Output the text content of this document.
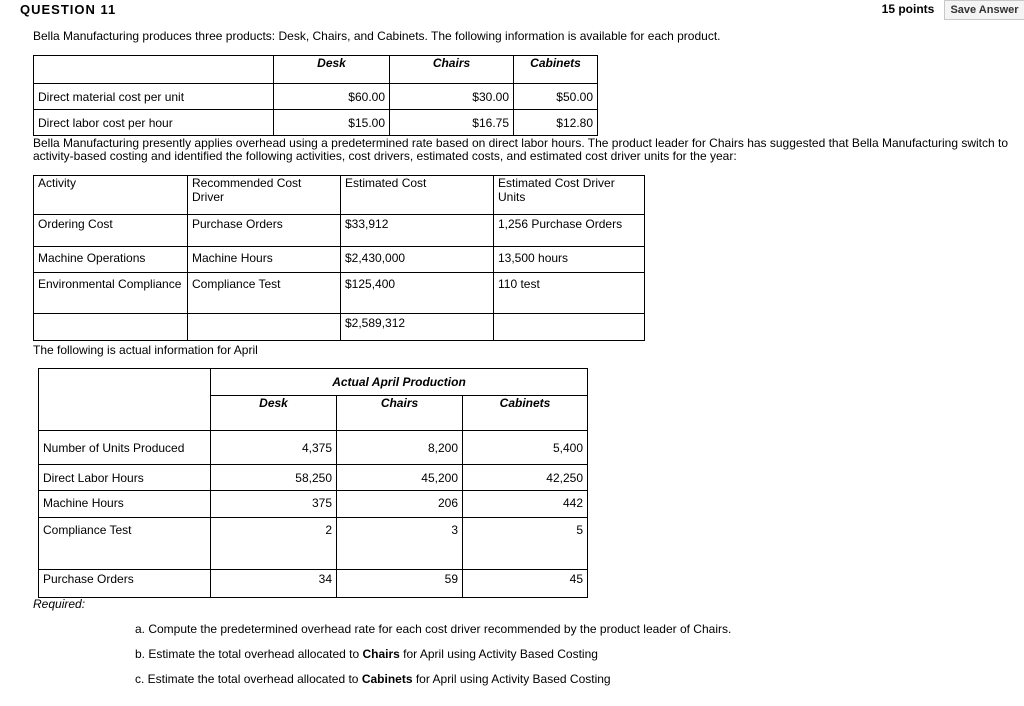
QUESTION 11	15 points	Save Answer
Bella Manufacturing produces three products: Desk, Chairs, and Cabinets. The following information is available for each product.
	Desk	Chairs	Cabinets
Direct material cost per unit	$60.00	$30.00	$50.00
Direct labor cost per hour	$15.00	$16.75	$12.80
Bella Manufacturing presently applies overhead using a predetermined rate based on direct labor hours. The product leader for Chairs has suggested that Bella Manufacturing switch to activity-based costing and identified the following activities, cost drivers, estimated costs, and estimated cost driver units for the year:
Activity	Recommended Cost Driver	Estimated Cost	Estimated Cost Driver Units
Ordering Cost	Purchase Orders	$33,912	1,256 Purchase Orders
Machine Operations	Machine Hours	$2,430,000	13,500 hours
Environmental Compliance	Compliance Test	$125,400	110 test
		$2,589,312	
The following is actual information for April
	Actual April Production		
	Desk	Chairs	Cabinets
Number of Units Produced	4,375	8,200	5,400
Direct Labor Hours	58,250	45,200	42,250
Machine Hours	375	206	442
Compliance Test	2	3	5
Purchase Orders	34	59	45
Required:
a. Compute the predetermined overhead rate for each cost driver recommended by the product leader of Chairs.
b. Estimate the total overhead allocated to Chairs for April using Activity Based Costing
c. Estimate the total overhead allocated to Cabinets for April using Activity Based Costing
